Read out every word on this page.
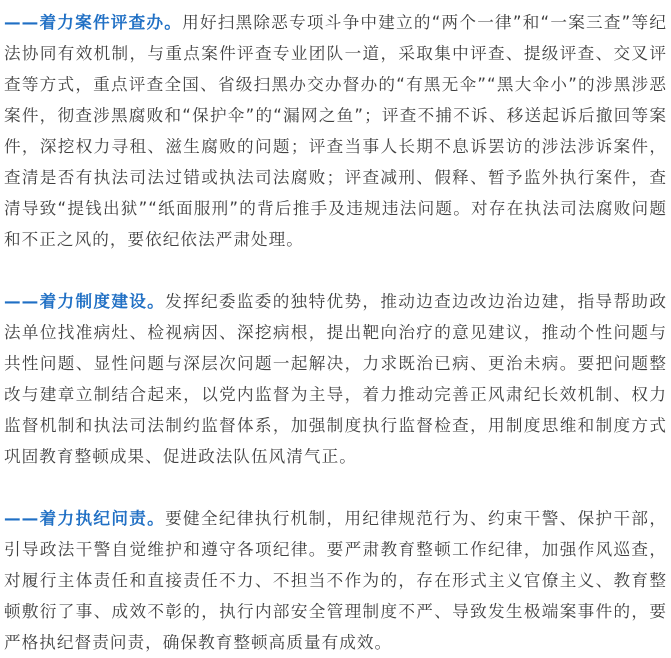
——着力案件评查办。用好扫黑除恶专项斗争中建立的“两个一律”和“一案三查”等纪法协同有效机制，与重点案件评查专业团队一道，采取集中评查、提级评查、交叉评查等方式，重点评查全国、省级扫黑办交办督办的“有黑无伞”“黑大伞小”的涉黑涉恶案件，彻查涉黑腐败和“保护伞”的“漏网之鱼”；评查不捕不诉、移送起诉后撤回等案件，深挖权力寻租、滋生腐败的问题；评查当事人长期不息诉罢访的涉法涉诉案件，查清是否有执法司法过错或执法司法腐败；评查减刑、假释、暂予监外执行案件，查清导致“提钱出狱”“纸面服刑”的背后推手及违规违法问题。对存在执法司法腐败问题和不正之风的，要依纪依法严肃处理。

——着力制度建设。发挥纪委监委的独特优势，推动边查边改边治边建，指导帮助政法单位找准病灶、检视病因、深挖病根，提出靶向治疗的意见建议，推动个性问题与共性问题、显性问题与深层次问题一起解决，力求既治已病、更治未病。要把问题整改与建章立制结合起来，以党内监督为主导，着力推动完善正风肃纪长效机制、权力监督机制和执法司法制约监督体系，加强制度执行监督检查，用制度思维和制度方式巩固教育整顿成果、促进政法队伍风清气正。

——着力执纪问责。要健全纪律执行机制，用纪律规范行为、约束干警、保护干部，引导政法干警自觉维护和遵守各项纪律。要严肃教育整顿工作纪律，加强作风巡查，对履行主体责任和直接责任不力、不担当不作为的，存在形式主义官僚主义、教育整顿敷衍了事、成效不彰的，执行内部安全管理制度不严、导致发生极端案事件的，要严格执纪督责问责，确保教育整顿高质量有成效。
